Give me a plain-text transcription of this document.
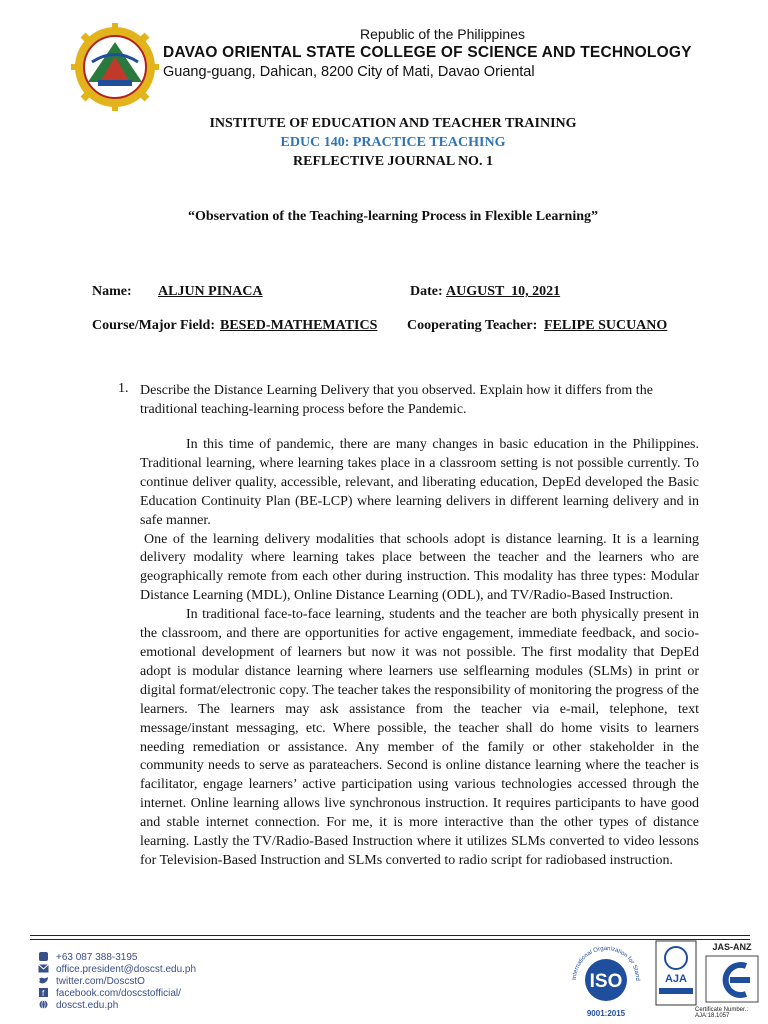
Republic of the Philippines
DAVAO ORIENTAL STATE COLLEGE OF SCIENCE AND TECHNOLOGY
Guang-guang, Dahican, 8200 City of Mati, Davao Oriental
INSTITUTE OF EDUCATION AND TEACHER TRAINING
EDUC 140: PRACTICE TEACHING
REFLECTIVE JOURNAL NO. 1
“Observation of the Teaching-learning Process in Flexible Learning”
Name: ALJUN PINACA	Date: AUGUST  10, 2021
Course/Major Field: BESED-MATHEMATICS Cooperating Teacher: FELIPE SUCUANO
1. Describe the Distance Learning Delivery that you observed. Explain how it differs from the traditional teaching-learning process before the Pandemic.

In this time of pandemic, there are many changes in basic education in the Philippines. Traditional learning, where learning takes place in a classroom setting is not possible currently. To continue deliver quality, accessible, relevant, and liberating education, DepEd developed the Basic Education Continuity Plan (BE-LCP) where learning delivers in different learning delivery and in safe manner.

One of the learning delivery modalities that schools adopt is distance learning. It is a learning delivery modality where learning takes place between the teacher and the learners who are geographically remote from each other during instruction. This modality has three types: Modular Distance Learning (MDL), Online Distance Learning (ODL), and TV/Radio-Based Instruction.

In traditional face-to-face learning, students and the teacher are both physically present in the classroom, and there are opportunities for active engagement, immediate feedback, and socio-emotional development of learners but now it was not possible. The first modality that DepEd adopt is modular distance learning where learners use selflearning modules (SLMs) in print or digital format/electronic copy. The teacher takes the responsibility of monitoring the progress of the learners. The learners may ask assistance from the teacher via e-mail, telephone, text message/instant messaging, etc. Where possible, the teacher shall do home visits to learners needing remediation or assistance. Any member of the family or other stakeholder in the community needs to serve as parateachers. Second is online distance learning where the teacher is facilitator, engage learners’ active participation using various technologies accessed through the internet. Online learning allows live synchronous instruction. It requires participants to have good and stable internet connection. For me, it is more interactive than the other types of distance learning. Lastly the TV/Radio-Based Instruction where it utilizes SLMs converted to video lessons for Television-Based Instruction and SLMs converted to radio script for radiobased instruction.

+63 087 388-3195
office.president@doscst.edu.ph
twitter.com/DoscstO
f facebook.com/doscstofficial/
doscst.edu.ph
International Organization for Stand
ISO
9001:2015
AJA
JAS-ANZ
Certificate Number.: AJA:18.1057
